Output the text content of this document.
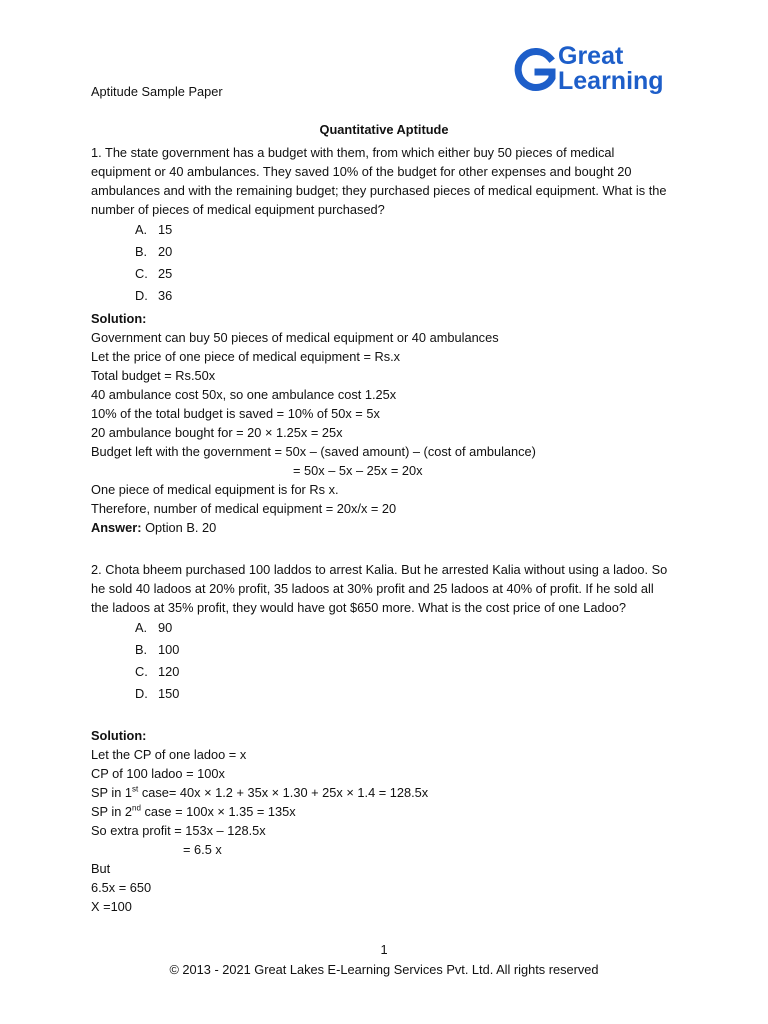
Aptitude Sample Paper
Great
Learning
Quantitative Aptitude

1. The state government has a budget with them, from which either buy 50 pieces of medical equipment or 40 ambulances. They saved 10% of the budget for other expenses and bought 20 ambulances and with the remaining budget; they purchased pieces of medical equipment. What is the number of pieces of medical equipment purchased?

A. 15
B. 20
C. 25
D. 36

Solution:

Government can buy 50 pieces of medical equipment or 40 ambulances

Let the price of one piece of medical equipment = Rs.x

Total budget = Rs.50x

40 ambulance cost 50x, so one ambulance cost 1.25x

10% of the total budget is saved = 10% of 50x = 5x

20 ambulance bought for = 20 × 1.25x = 25x

Budget left with the government = 50x – (saved amount) – (cost of ambulance)

= 50x – 5x – 25x = 20x

One piece of medical equipment is for Rs x.

Therefore, number of medical equipment = 20x/x = 20

Answer: Option B. 20

2. Chota bheem purchased 100 laddos to arrest Kalia. But he arrested Kalia without using a ladoo. So he sold 40 ladoos at 20% profit, 35 ladoos at 30% profit and 25 ladoos at 40% of profit. If he sold all the ladoos at 35% profit, they would have got $650 more. What is the cost price of one Ladoo?

A. 90
B. 100
C. 120
D. 150

Solution:

Let the CP of one ladoo = x

CP of 100 ladoo = 100x

SP in 1st case= 40x × 1.2 + 35x × 1.30 + 25x × 1.4 = 128.5x

SP in 2nd case = 100x × 1.35 = 135x

So extra profit = 153x – 128.5x

= 6.5 x

But

6.5x = 650

X =100

1
© 2013 - 2021 Great Lakes E-Learning Services Pvt. Ltd. All rights reserved
